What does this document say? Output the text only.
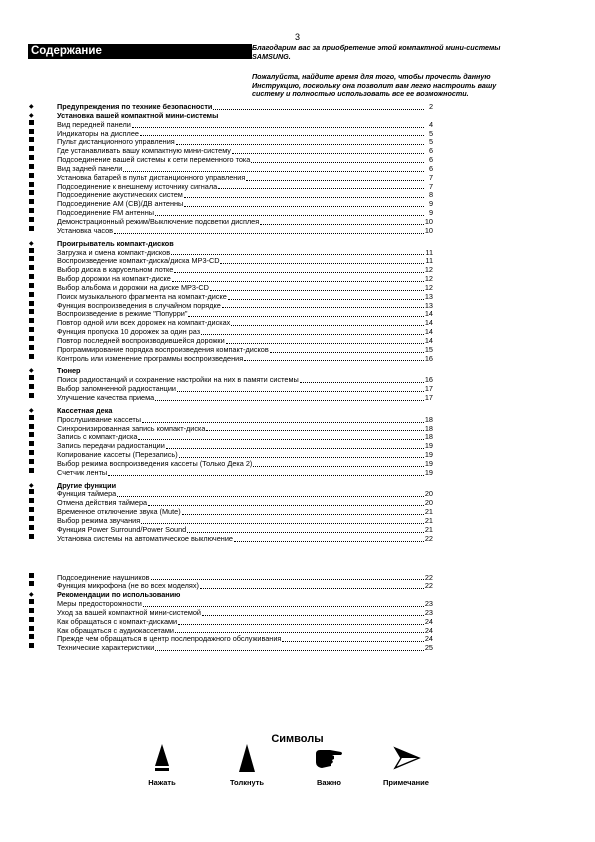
3
Содержание	Благодарим вас за приобретение этой компактной мини-системы SAMSUNG.

Пожалуйста, найдите время для того, чтобы прочесть данную Инструкцию, поскольку она позволит вам легко настроить вашу систему и полностью использовать все ее возможности.

◆	Предупреждения по технике безопасности	2
◆	Установка вашей компактной мини-системы
Вид передней панели	4
Индикаторы на дисплее	5
Пульт дистанционного управления	5
Где устанавливать вашу компактную мини-систему	6
Подсоединение вашей системы к сети переменного тока	6
Вид задней панели	6
Установка батарей в пульт дистанционного управления	7
Подсоединение к внешнему источнику сигнала	7
Подсоединение акустических систем	8
Подсоединение АМ (СВ)/ДВ антенны	9
Подсоединение FM антенны	9
Демонстрационный режим/Выключение подсветки дисплея	10
Установка часов	10
◆	Проигрыватель компакт-дисков
Загрузка и смена компакт-дисков	11
Воспроизведение компакт-диска/диска MP3-CD	11
Выбор диска в карусельном лотке	12
Выбор дорожки на компакт-диске	12
Выбор альбома и дорожки на диске MP3-CD	12
Поиск музыкального фрагмента на компакт-диске	13
Функция воспроизведения в случайном порядке	13
Воспроизведение в режиме "Попурри"	14
Повтор одной или всех дорожек на компакт-дисках	14
Функция пропуска 10 дорожек за один раз	14
Повтор последней воспроизводившейся дорожки	14
Программирование порядка воспроизведения компакт-дисков	15
Контроль или изменение программы воспроизведения	16
◆	Тюнер
Поиск радиостанций и сохранение настройки на них в памяти системы	16
Выбор запомненной радиостанции	17
Улучшение качества приема	17
◆	Кассетная дека
Прослушивание кассеты	18
Синхронизированная запись компакт-диска	18
Запись с компакт-диска	18
Запись передачи радиостанции	19
Копирование кассеты (Перезапись)	19
Выбор режима воспроизведения кассеты (Только Дека 2)	19
Счетчик ленты	19
◆	Другие функции
Функция таймера	20
Отмена действия таймера	20
Временное отключение звука (Mute)	21
Выбор режима звучания	21
Функция Power Surround/Power Sound	21
Установка системы на автоматическое выключение	22
Подсоединение наушников	22
Функция микрофона (не во всех моделях)	22
◆	Рекомендации по использованию
Меры предосторожности	23
Уход за вашей компактной мини-системой	23
Как обращаться с компакт-дисками	24
Как обращаться с аудиокассетами	24
Прежде чем обращаться в центр послепродажного обслуживания	24
Технические характеристики	25
Символы
Нажать	Толкнуть	Важно	Примечание
